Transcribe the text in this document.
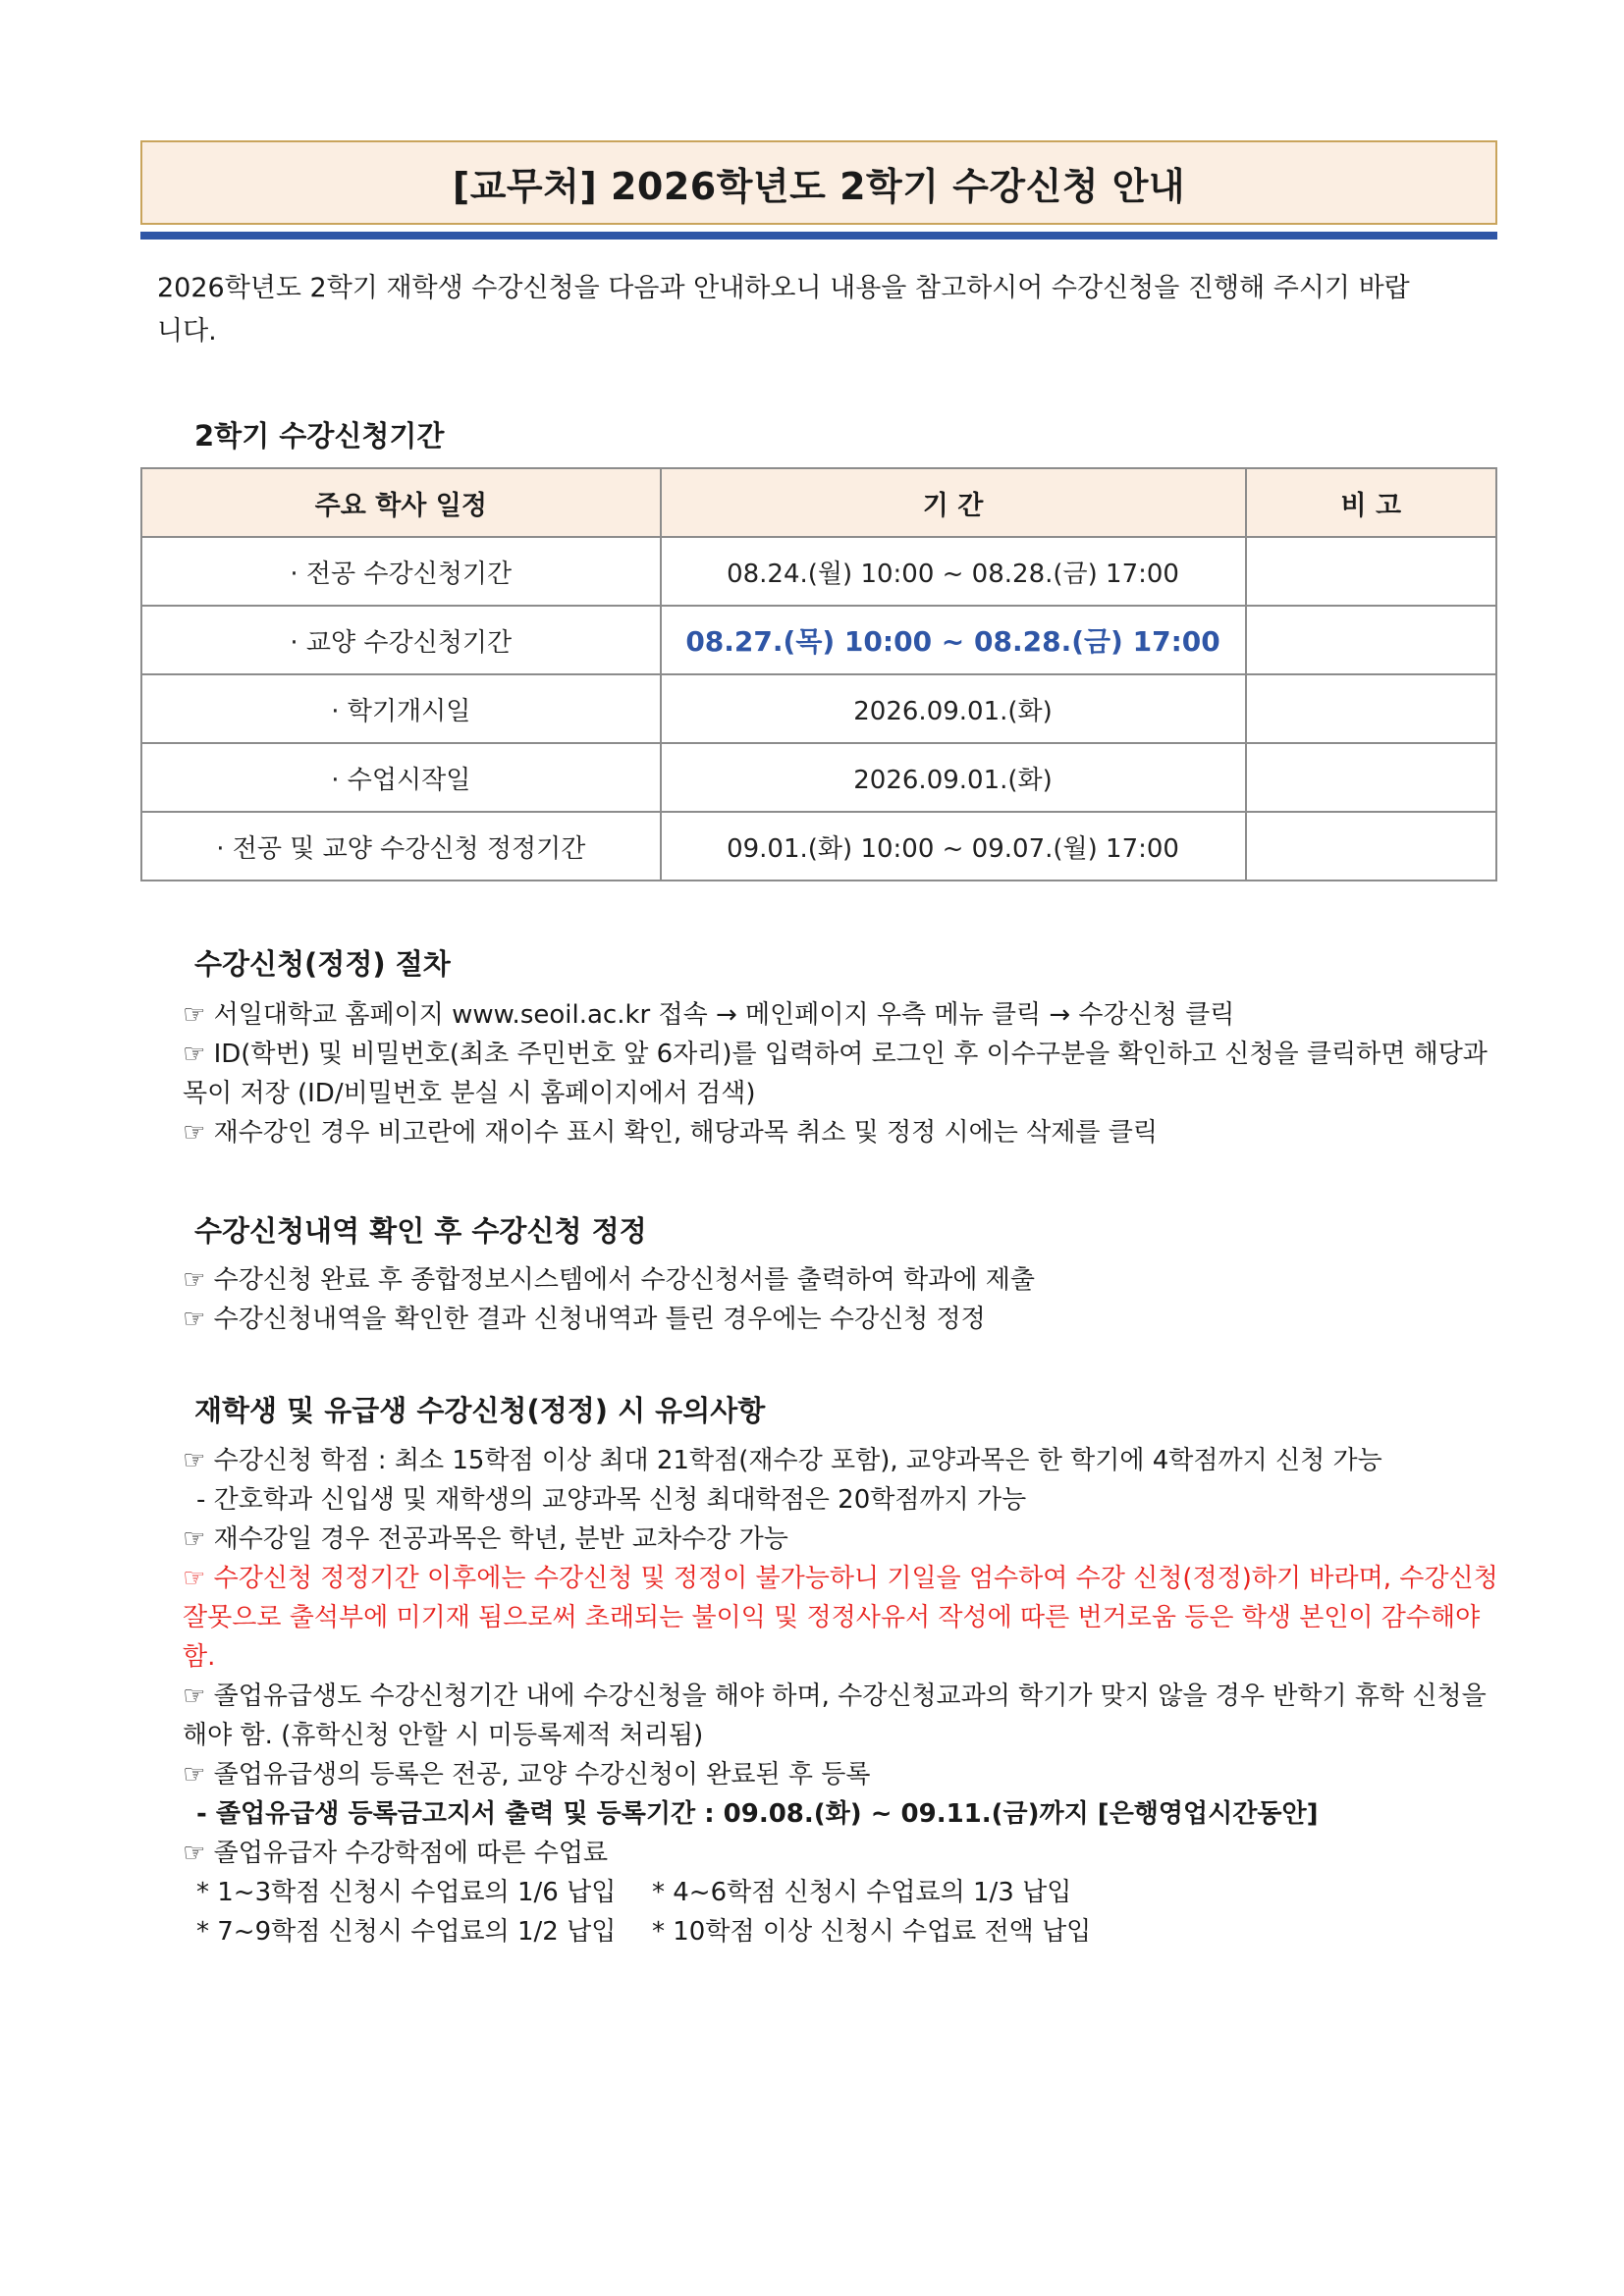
[교무처] 2026학년도 2학기 수강신청 안내
2026학년도 2학기 재학생 수강신청을 다음과 안내하오니 내용을 참고하시어 수강신청을 진행해 주시기 바랍니다.
2학기 수강신청기간
주요 학사 일정	기 간	비 고
· 전공 수강신청기간	08.24.(월) 10:00 ~ 08.28.(금) 17:00	
· 교양 수강신청기간	08.27.(목) 10:00 ~ 08.28.(금) 17:00	
· 학기개시일	2026.09.01.(화)	
· 수업시작일	2026.09.01.(화)	
· 전공 및 교양 수강신청 정정기간	09.01.(화) 10:00 ~ 09.07.(월) 17:00	
수강신청(정정) 절차
☞ 서일대학교 홈페이지 www.seoil.ac.kr 접속 → 메인페이지 우측 메뉴 클릭 → 수강신청 클릭
☞ ID(학번) 및 비밀번호(최초 주민번호 앞 6자리)를 입력하여 로그인 후 이수구분을 확인하고 신청을 클릭하면 해당과목이 저장 (ID/비밀번호 분실 시 홈페이지에서 검색)
☞ 재수강인 경우 비고란에 재이수 표시 확인, 해당과목 취소 및 정정 시에는 삭제를 클릭
수강신청내역 확인 후 수강신청 정정
☞ 수강신청 완료 후 종합정보시스템에서 수강신청서를 출력하여 학과에 제출
☞ 수강신청내역을 확인한 결과 신청내역과 틀린 경우에는 수강신청 정정
재학생 및 유급생 수강신청(정정) 시 유의사항
☞ 수강신청 학점 : 최소 15학점 이상 최대 21학점(재수강 포함), 교양과목은 한 학기에 4학점까지 신청 가능
- 간호학과 신입생 및 재학생의 교양과목 신청 최대학점은 20학점까지 가능
☞ 재수강일 경우 전공과목은 학년, 분반 교차수강 가능
☞ 수강신청 정정기간 이후에는 수강신청 및 정정이 불가능하니 기일을 엄수하여 수강 신청(정정)하기 바라며, 수강신청 잘못으로 출석부에 미기재 됨으로써 초래되는 불이익 및 정정사유서 작성에 따른 번거로움 등은 학생 본인이 감수해야 함.
☞ 졸업유급생도 수강신청기간 내에 수강신청을 해야 하며, 수강신청교과의 학기가 맞지 않을 경우 반학기 휴학 신청을 해야 함. (휴학신청 안할 시 미등록제적 처리됨)
☞ 졸업유급생의 등록은 전공, 교양 수강신청이 완료된 후 등록
- 졸업유급생 등록금고지서 출력 및 등록기간 : 09.08.(화) ~ 09.11.(금)까지 [은행영업시간동안]
☞ 졸업유급자 수강학점에 따른 수업료
* 1~3학점 신청시 수업료의 1/6 납입	* 4~6학점 신청시 수업료의 1/3 납입
* 7~9학점 신청시 수업료의 1/2 납입	* 10학점 이상 신청시 수업료 전액 납입
